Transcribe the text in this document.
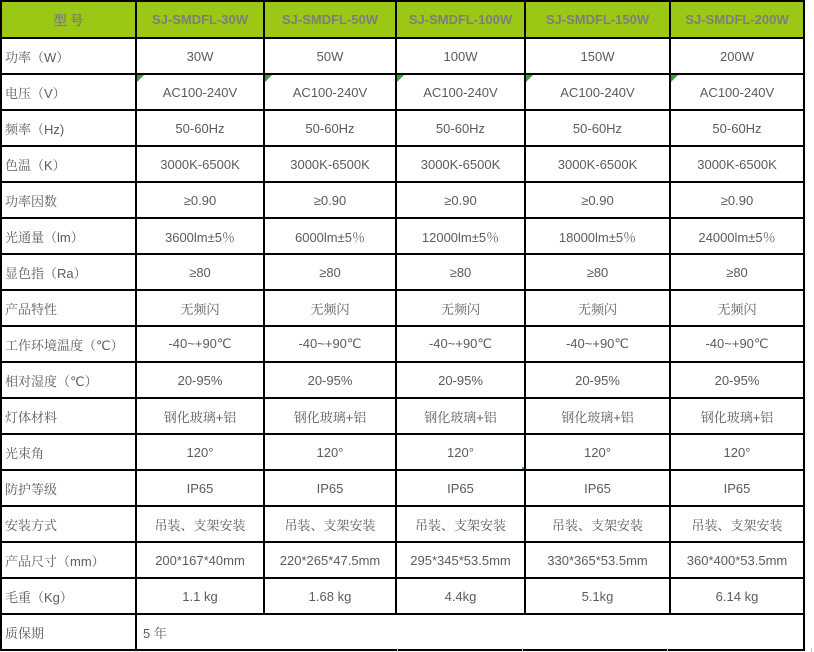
型 号	SJ-SMDFL-30W	SJ-SMDFL-50W	SJ-SMDFL-100W	SJ-SMDFL-150W	SJ-SMDFL-200W
功率（W）	30W	50W	100W	150W	200W
电压（V）	AC100-240V	AC100-240V	AC100-240V	AC100-240V	AC100-240V
频率（Hz)	50-60Hz	50-60Hz	50-60Hz	50-60Hz	50-60Hz
色温（K）	3000K-6500K	3000K-6500K	3000K-6500K	3000K-6500K	3000K-6500K
功率因数	≥0.90	≥0.90	≥0.90	≥0.90	≥0.90
光通量（lm）	3600lm±5％	6000lm±5％	12000lm±5％	18000lm±5％	24000lm±5％
显色指（Ra）	≥80	≥80	≥80	≥80	≥80
产品特性	无频闪	无频闪	无频闪	无频闪	无频闪
工作环境温度（℃）	-40~+90℃	-40~+90℃	-40~+90℃	-40~+90℃	-40~+90℃
相对湿度（℃）	20-95%	20-95%	20-95%	20-95%	20-95%
灯体材料	钢化玻璃+铝	钢化玻璃+铝	钢化玻璃+铝	钢化玻璃+铝	钢化玻璃+铝
光束角	120°	120°	120°	120°	120°
防护等级	IP65	IP65	IP65	IP65	IP65
安装方式	吊装、支架安装	吊装、支架安装	吊装、支架安装	吊装、支架安装	吊装、支架安装
产品尺寸（mm）	200*167*40mm	220*265*47.5mm	295*345*53.5mm	330*365*53.5mm	360*400*53.5mm
毛重（Kg）	1.1 kg	1.68 kg	4.4kg	5.1kg	6.14 kg
质保期	5 年				
